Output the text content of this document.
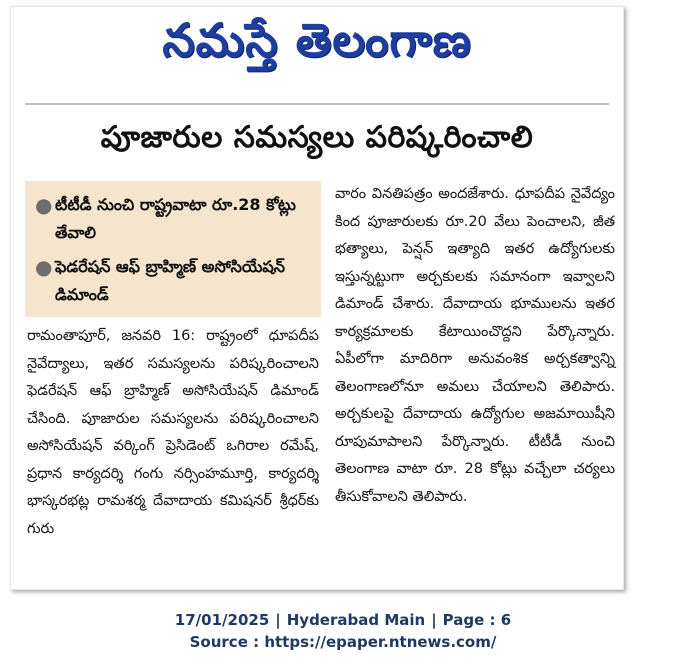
నమస్తే తెలంగాణ
పూజారుల సమస్యలు పరిష్కరించాలి
● టీటీడీ నుంచి రాష్ట్రవాటా రూ.28 కోట్లు తేవాలి
● ఫెడరేషన్ ఆఫ్ బ్రాహ్మిణ్ అసోసియేషన్ డిమాండ్
రామంతాపూర్, జనవరి 16: రాష్ట్రంలో ధూపదీప నైవేద్యాలు, ఇతర సమస్యలను పరిష్కరించాలని ఫెడరేషన్ ఆఫ్ బ్రాహ్మిణ్ అసోసియేషన్ డిమాండ్ చేసింది. పూజారుల సమస్యలను పరిష్కరించాలని అసోసియేషన్ వర్కింగ్ ప్రెసిడెంట్ ఒగిరాల రమేష్, ప్రధాన కార్యదర్శి గంగు నర్సింహమూర్తి, కార్యదర్శి భాస్కరభట్ల రామశర్మ దేవాదాయ కమిషనర్ శ్రీధర్‌కు గురు
వారం వినతిపత్రం అందజేశారు. ధూపదీప నైవేద్యం కింద పూజారులకు రూ.20 వేలు పెంచాలని, జీత భత్యాలు, పెన్షన్ ఇత్యాది ఇతర ఉద్యోగులకు ఇస్తున్నట్టుగా అర్చకులకు సమానంగా ఇవ్వాలని డిమాండ్ చేశారు. దేవాదాయ భూములను ఇతర కార్యక్రమాలకు కేటాయించొద్దని పేర్కొన్నారు. ఏపీలోగా మాదిరిగా అనువంశిక అర్చకత్వాన్ని తెలంగాణలోనూ అమలు చేయాలని తెలిపారు. అర్చకులపై దేవాదాయ ఉద్యోగుల అజమాయిషీని రూపుమాపాలని పేర్కొన్నారు. టీటీడీ నుంచి తెలంగాణ వాటా రూ. 28 కోట్లు వచ్చేలా చర్యలు తీసుకోవాలని తెలిపారు.
17/01/2025 | Hyderabad Main | Page : 6
Source : https://epaper.ntnews.com/
